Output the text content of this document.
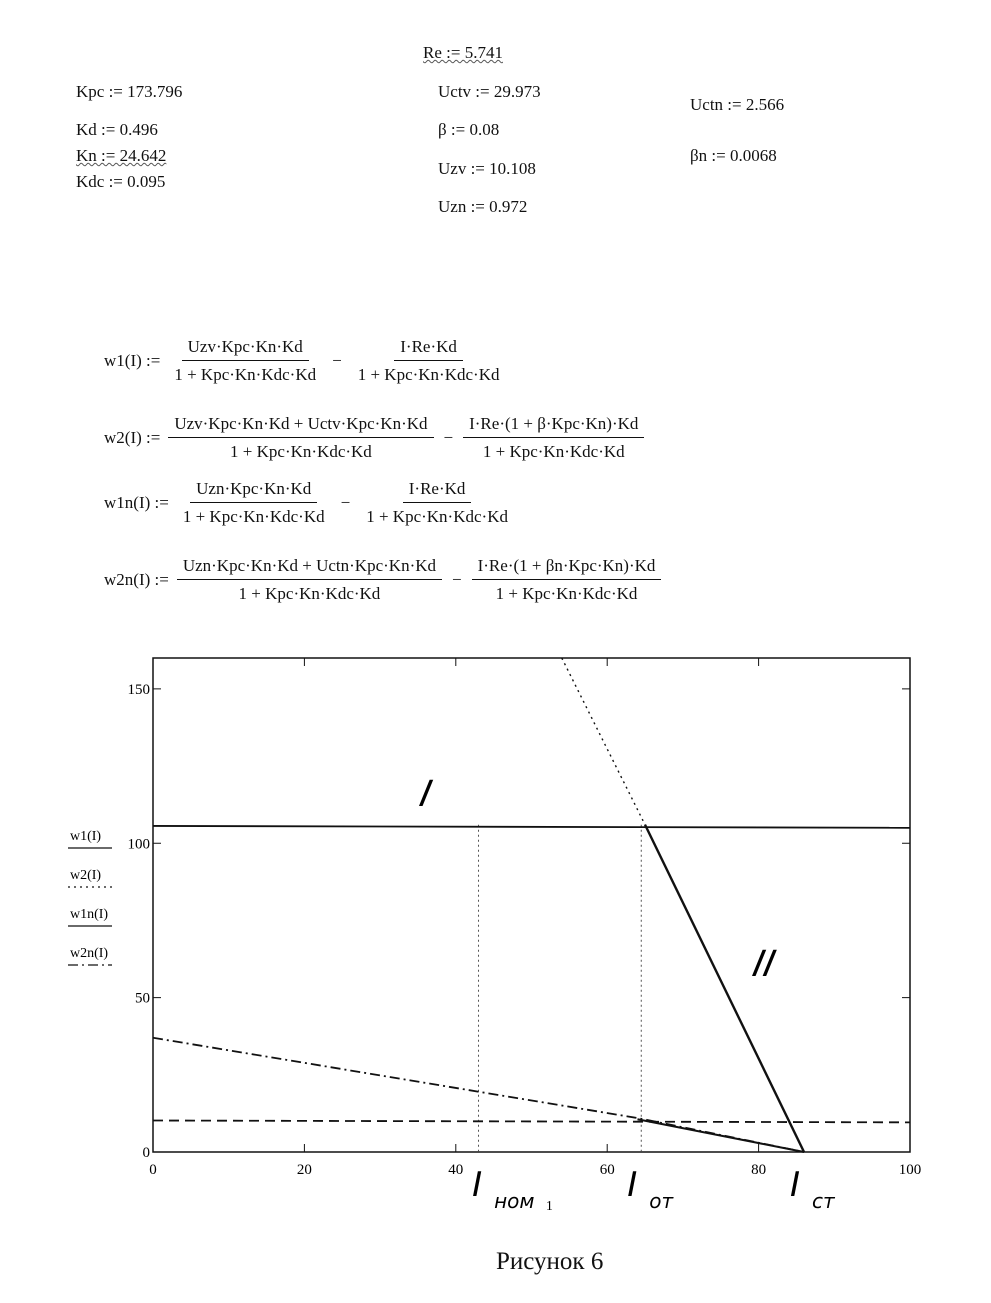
Re := 5.741
Kpc := 173.796	Uctv := 29.973
Uctn := 2.566
Kd := 0.496	β := 0.08
Kn := 24.642	βn := 0.0068
Kdc := 0.095
Uzv := 10.108
Uzn := 0.972
w1(I) := $\frac{\text{Uzv·Kpc·Kn·Kd}}{\text{1 + Kpc·Kn·Kdc·Kd}} - \frac{I\cdot Re\cdot Kd}{\text{1 + Kpc·Kn·Kdc·Kd}}$
w2(I) := $\frac{\text{Uzv·Kpc·Kn·Kd + Uctv·Kpc·Kn·Kd}}{\text{1 + Kpc·Kn·Kdc·Kd}} - \frac{\text{I·Re·(1 + β·Kpc·Kn)·Kd}}{\text{1 + Kpc·Kn·Kdc·Kd}}$
w1n(I) := $\frac{\text{Uzn·Kpc·Kn·Kd}}{\text{1 + Kpc·Kn·Kdc·Kd}} - \frac{I\cdot Re\cdot Kd}{\text{1 + Kpc·Kn·Kdc·Kd}}$
w2n(I) := $\frac{\text{Uzn·Kpc·Kn·Kd + Uctn·Kpc·Kn·Kd}}{\text{1 + Kpc·Kn·Kdc·Kd}} - \frac{\text{I·Re·(1 + βn·Kpc·Kn)·Kd}}{\text{1 + Kpc·Kn·Kdc·Kd}}$
0	20	40	60	80	100
0
50
100
150
w1(I)
w2(I)
w1n(I)
w2n(I)
I
II
I ном	I от	I ст
1
Рисунок 6
